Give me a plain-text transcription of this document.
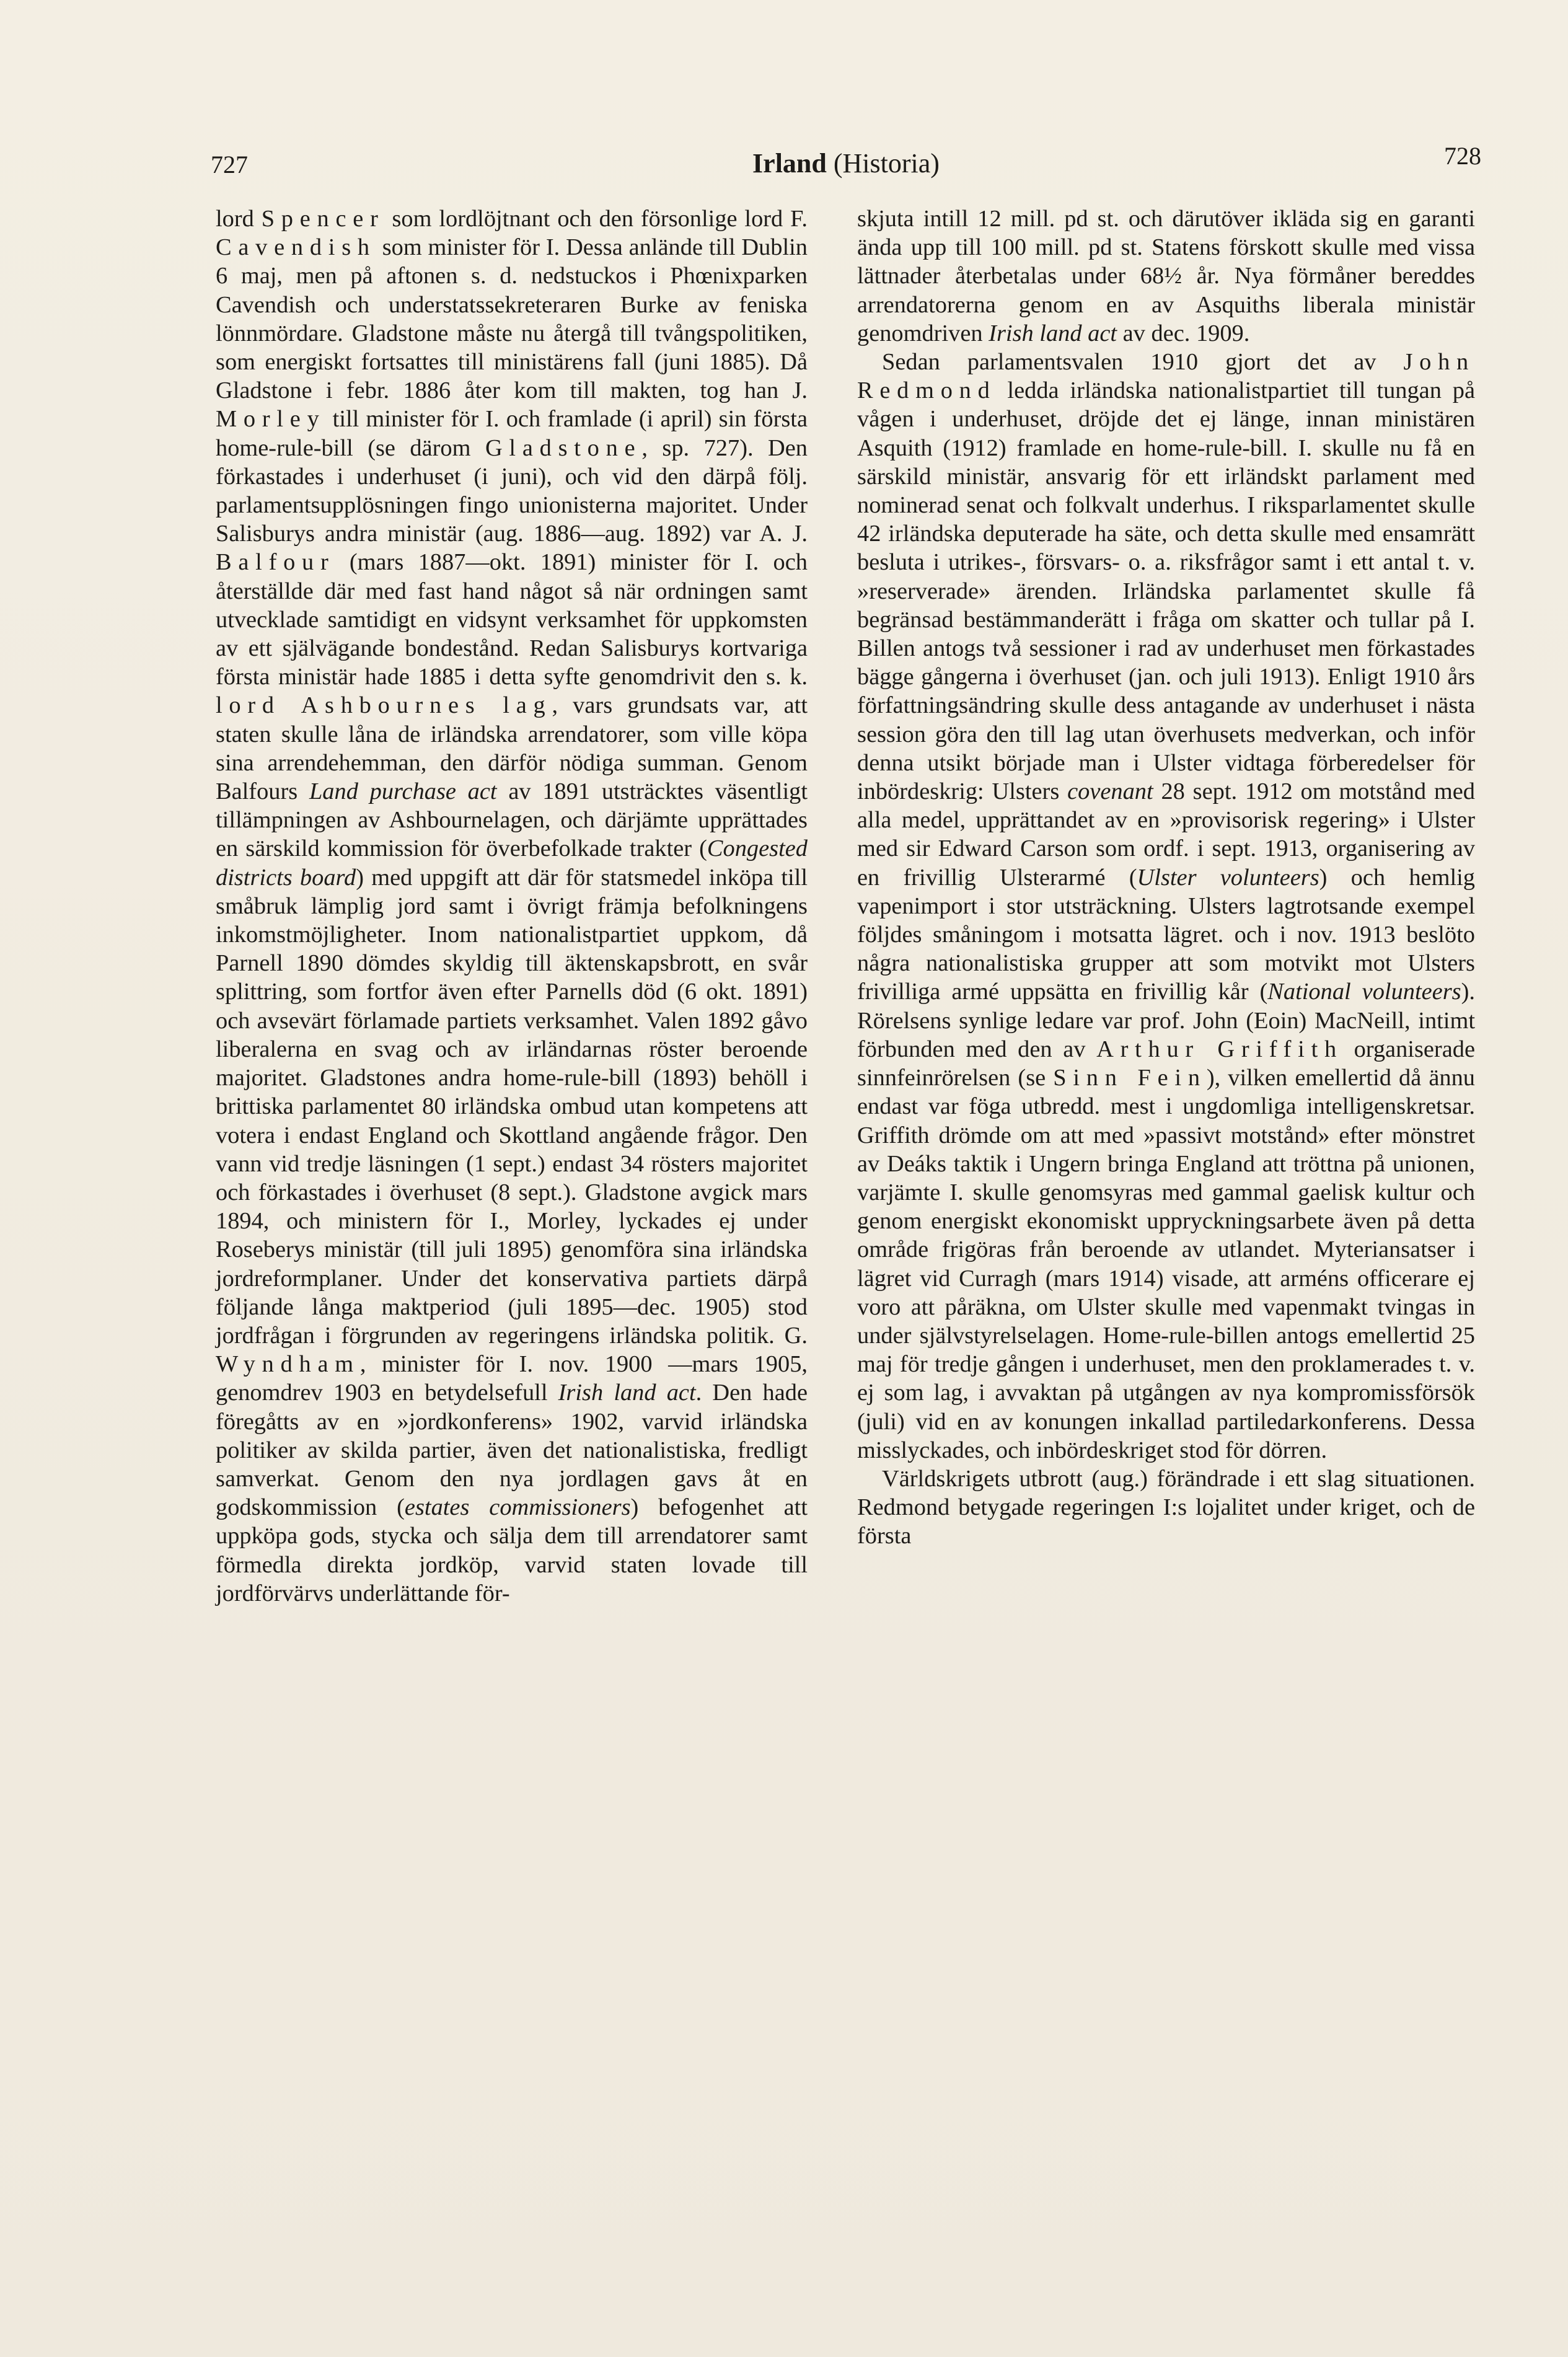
727	Irland (Historia)	728

lord Spencer som lordlöjtnant och den försonlige lord F. Cavendish som minister för I. Dessa anlände till Dublin 6 maj, men på aftonen s. d. nedstuckos i Phœnixparken Cavendish och understatssekreteraren Burke av feniska lönnmördare. Gladstone måste nu återgå till tvångspolitiken, som energiskt fortsattes till ministärens fall (juni 1885). Då Gladstone i febr. 1886 åter kom till makten, tog han J. Morley till minister för I. och framlade (i april) sin första home-rule-bill (se därom Gladstone, sp. 727). Den förkastades i underhuset (i juni), och vid den därpå följ. parlamentsupplösningen fingo unionisterna majoritet. Under Salisburys andra ministär (aug. 1886—aug. 1892) var A. J. Balfour (mars 1887—okt. 1891) minister för I. och återställde där med fast hand något så när ordningen samt utvecklade samtidigt en vidsynt verksamhet för uppkomsten av ett självägande bondestånd. Redan Salisburys kortvariga första ministär hade 1885 i detta syfte genomdrivit den s. k. lord Ashbournes lag, vars grundsats var, att staten skulle låna de irländska arrendatorer, som ville köpa sina arrendehemman, den därför nödiga summan. Genom Balfours Land purchase act av 1891 utsträcktes väsentligt tillämpningen av Ashbournelagen, och därjämte upprättades en särskild kommission för överbefolkade trakter (Congested districts board) med uppgift att där för statsmedel inköpa till småbruk lämplig jord samt i övrigt främja befolkningens inkomstmöjligheter. Inom nationalistpartiet uppkom, då Parnell 1890 dömdes skyldig till äktenskapsbrott, en svår splittring, som fortfor även efter Parnells död (6 okt. 1891) och avsevärt förlamade partiets verksamhet. Valen 1892 gåvo liberalerna en svag och av irländarnas röster beroende majoritet. Gladstones andra home-rule-bill (1893) behöll i brittiska parlamentet 80 irländska ombud utan kompetens att votera i endast England och Skottland angående frågor. Den vann vid tredje läsningen (1 sept.) endast 34 rösters majoritet och förkastades i överhuset (8 sept.). Gladstone avgick mars 1894, och ministern för I., Morley, lyckades ej under Roseberys ministär (till juli 1895) genomföra sina irländska jordreformplaner. Under det konservativa partiets därpå följande långa maktperiod (juli 1895—dec. 1905) stod jordfrågan i förgrunden av regeringens irländska politik. G. Wyndham, minister för I. nov. 1900 —mars 1905, genomdrev 1903 en betydelsefull Irish land act. Den hade föregåtts av en »jordkonferens» 1902, varvid irländska politiker av skilda partier, även det nationalistiska, fredligt samverkat. Genom den nya jordlagen gavs åt en godskommission (estates commissioners) befogenhet att uppköpa gods, stycka och sälja dem till arrendatorer samt förmedla direkta jordköp, varvid staten lovade till jordförvärvs underlättande för-

skjuta intill 12 mill. pd st. och därutöver ikläda sig en garanti ända upp till 100 mill. pd st. Statens förskott skulle med vissa lättnader återbetalas under 68½ år. Nya förmåner bereddes arrendatorerna genom en av Asquiths liberala ministär genomdriven Irish land act av dec. 1909.

Sedan parlamentsvalen 1910 gjort det av John Redmond ledda irländska nationalistpartiet till tungan på vågen i underhuset, dröjde det ej länge, innan ministären Asquith (1912) framlade en home-rule-bill. I. skulle nu få en särskild ministär, ansvarig för ett irländskt parlament med nominerad senat och folkvalt underhus. I riksparlamentet skulle 42 irländska deputerade ha säte, och detta skulle med ensamrätt besluta i utrikes-, försvars- o. a. riksfrågor samt i ett antal t. v. »reserverade» ärenden. Irländska parlamentet skulle få begränsad bestämmanderätt i fråga om skatter och tullar på I. Billen antogs två sessioner i rad av underhuset men förkastades bägge gångerna i överhuset (jan. och juli 1913). Enligt 1910 års författningsändring skulle dess antagande av underhuset i nästa session göra den till lag utan överhusets medverkan, och inför denna utsikt började man i Ulster vidtaga förberedelser för inbördeskrig: Ulsters covenant 28 sept. 1912 om motstånd med alla medel, upprättandet av en »provisorisk regering» i Ulster med sir Edward Carson som ordf. i sept. 1913, organisering av en frivillig Ulsterarmé (Ulster volunteers) och hemlig vapenimport i stor utsträckning. Ulsters lagtrotsande exempel följdes småningom i motsatta lägret. och i nov. 1913 beslöto några nationalistiska grupper att som motvikt mot Ulsters frivilliga armé uppsätta en frivillig kår (National volunteers). Rörelsens synlige ledare var prof. John (Eoin) MacNeill, intimt förbunden med den av Arthur Griffith organiserade sinnfeinrörelsen (se Sinn Fein), vilken emellertid då ännu endast var föga utbredd. mest i ungdomliga intelligenskretsar. Griffith drömde om att med »passivt motstånd» efter mönstret av Deáks taktik i Ungern bringa England att tröttna på unionen, varjämte I. skulle genomsyras med gammal gaelisk kultur och genom energiskt ekonomiskt uppryckningsarbete även på detta område frigöras från beroende av utlandet. Myteriansatser i lägret vid Curragh (mars 1914) visade, att arméns officerare ej voro att påräkna, om Ulster skulle med vapenmakt tvingas in under självstyrelselagen. Home-rule-billen antogs emellertid 25 maj för tredje gången i underhuset, men den proklamerades t. v. ej som lag, i avvaktan på utgången av nya kompromissförsök (juli) vid en av konungen inkallad partiledarkonferens. Dessa misslyckades, och inbördeskriget stod för dörren.

Världskrigets utbrott (aug.) förändrade i ett slag situationen. Redmond betygade regeringen I:s lojalitet under kriget, och de första
